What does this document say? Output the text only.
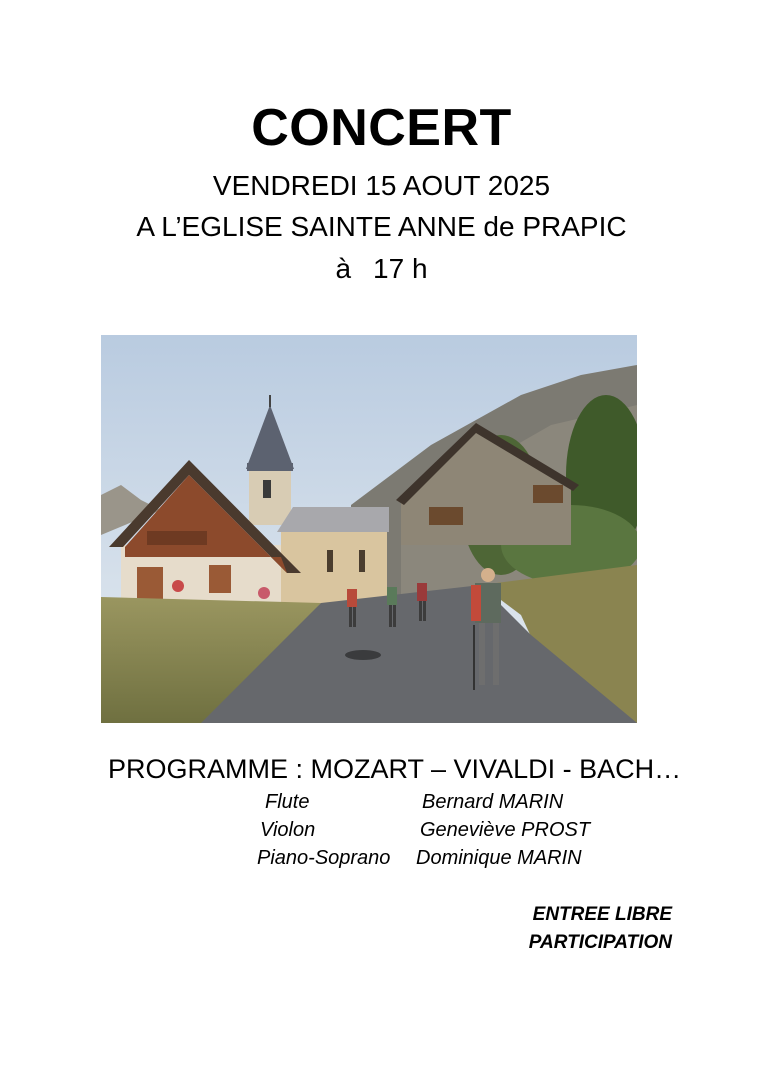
CONCERT
VENDREDI 15 AOUT 2025
A L’EGLISE SAINTE ANNE de PRAPIC
à 17 h
PROGRAMME : MOZART – VIVALDI - BACH…
Flute	Bernard MARIN
Violon	Geneviève PROST
Piano-Soprano Dominique MARIN
ENTREE LIBRE
PARTICIPATION
